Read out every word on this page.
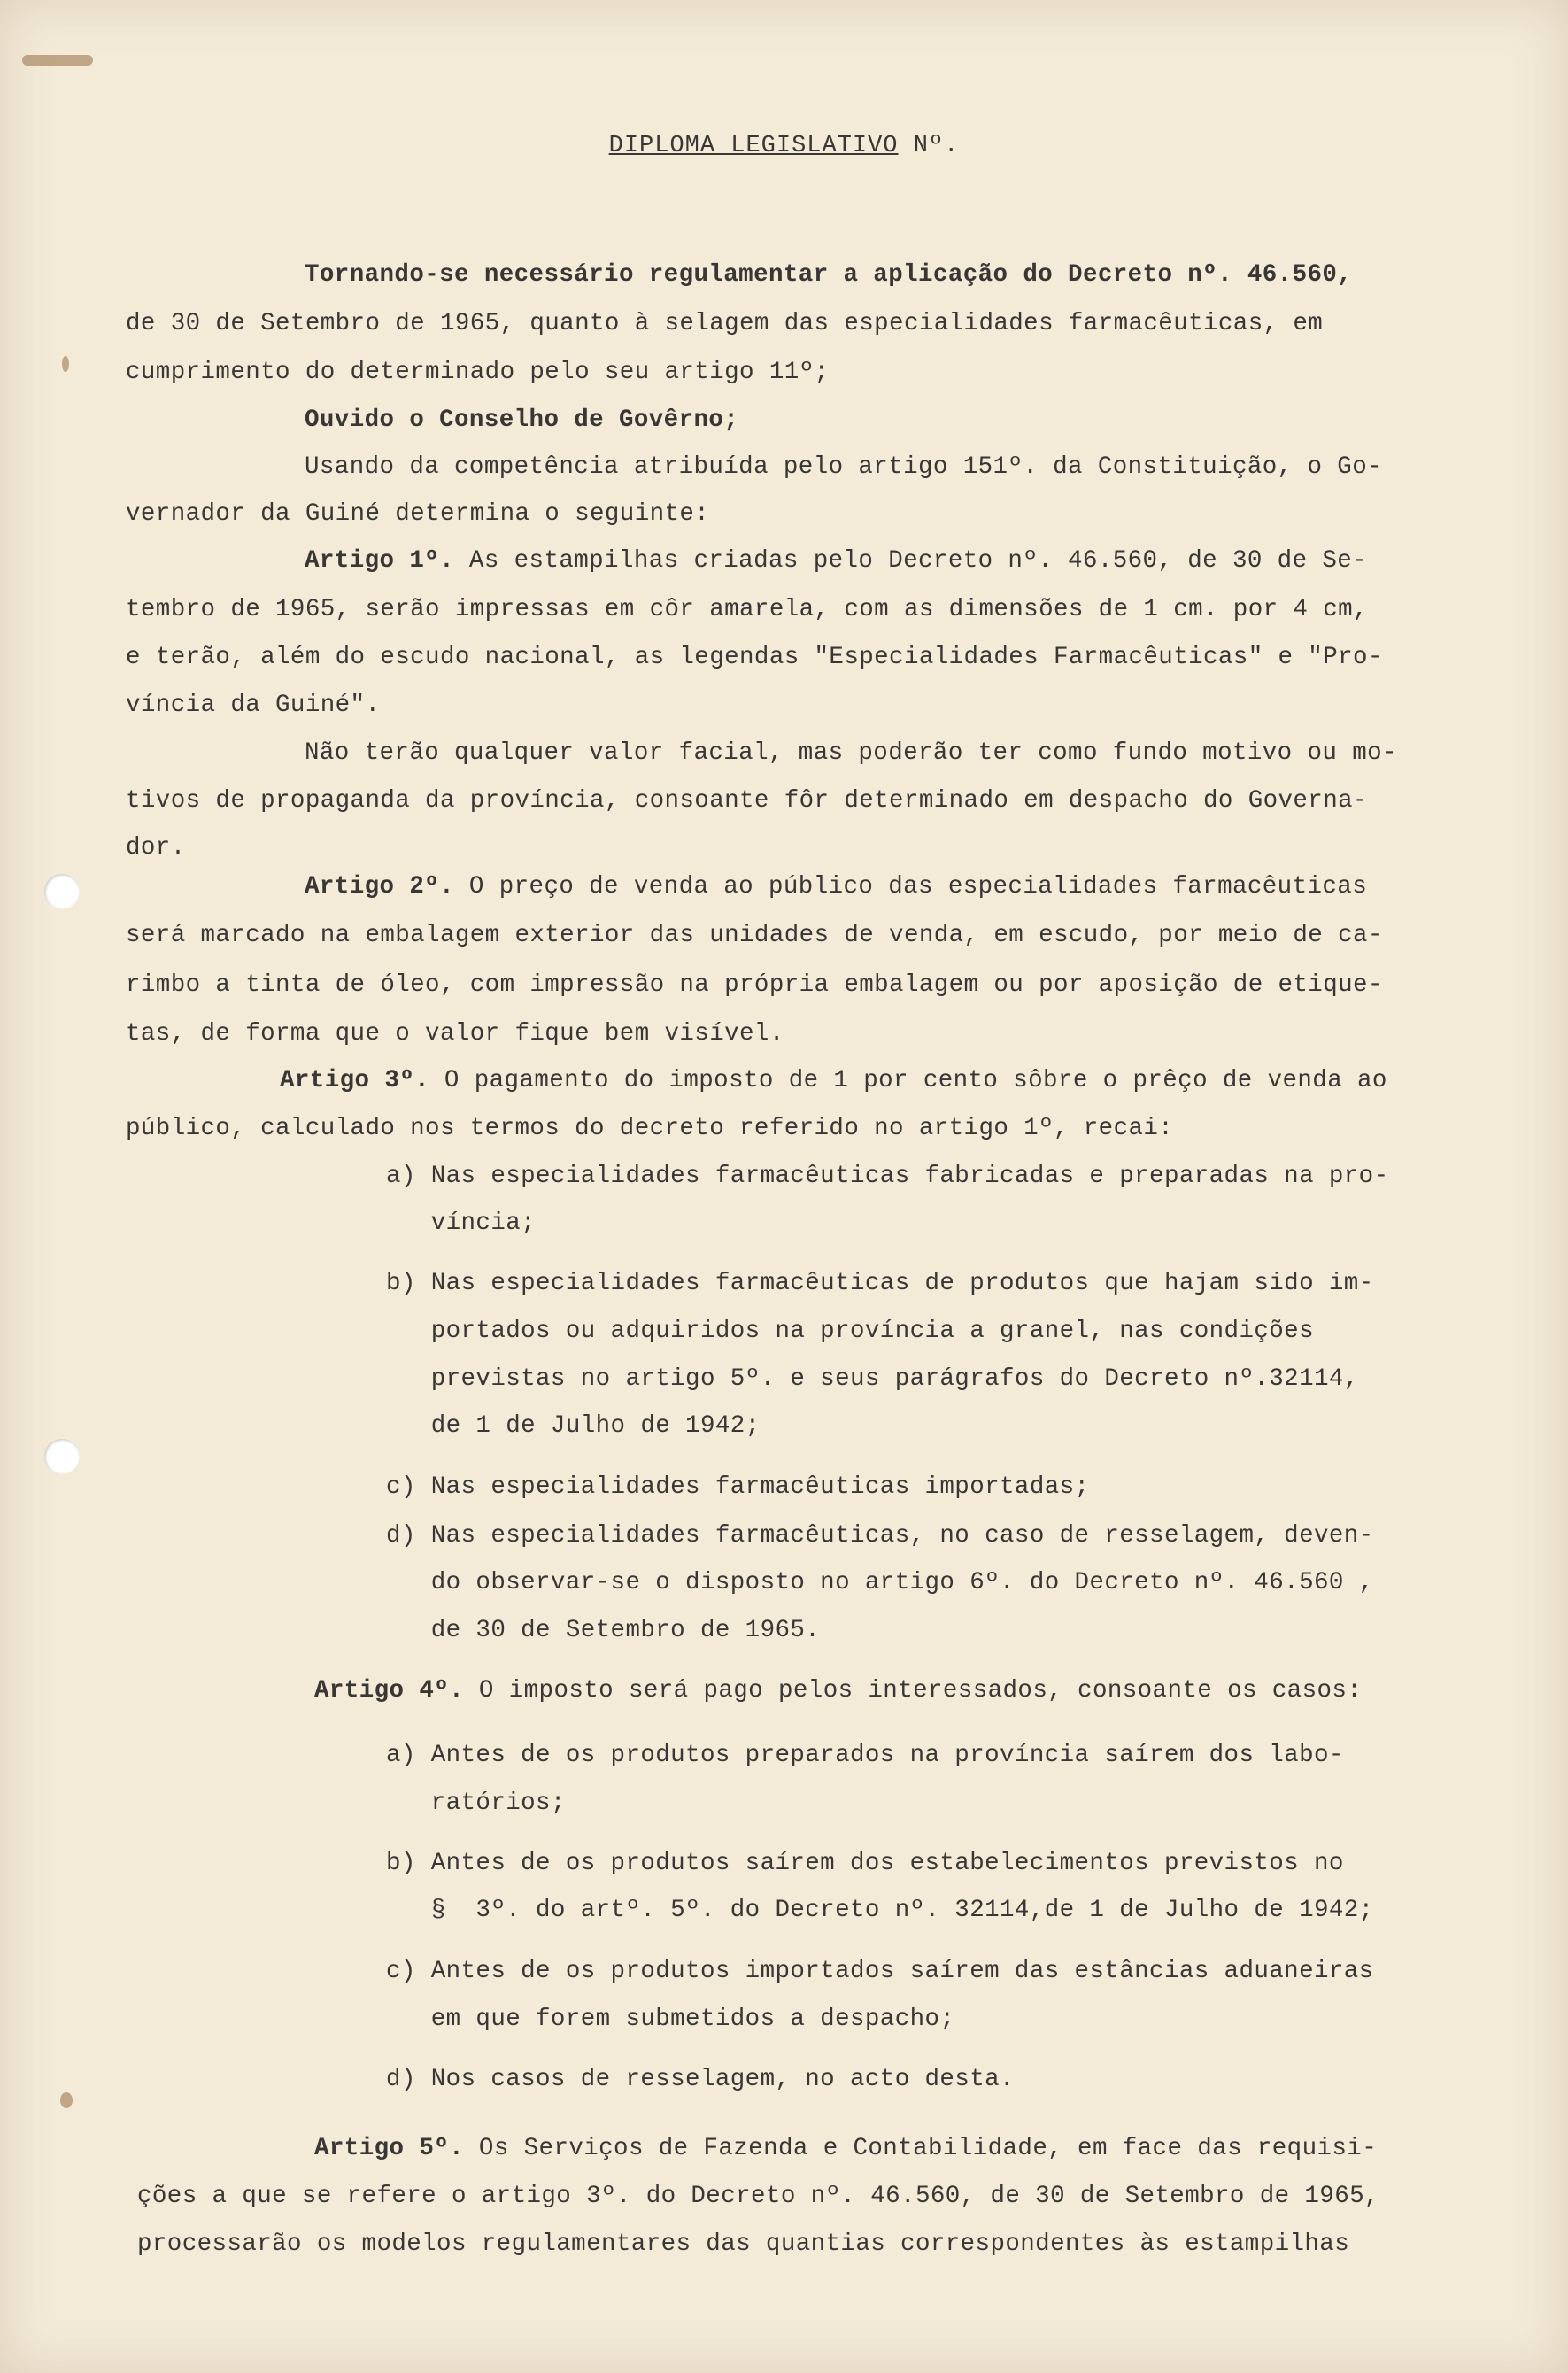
DIPLOMA LEGISLATIVO Nº.
Tornando-se necessário regulamentar a aplicação do Decreto nº. 46.560,
de 30 de Setembro de 1965, quanto à selagem das especialidades farmacêuticas, em
cumprimento do determinado pelo seu artigo 11º;
Ouvido o Conselho de Govêrno;
Usando da competência atribuída pelo artigo 151º. da Constituição, o Go-
vernador da Guiné determina o seguinte:
Artigo 1º. As estampilhas criadas pelo Decreto nº. 46.560, de 30 de Se-
tembro de 1965, serão impressas em côr amarela, com as dimensões de 1 cm. por 4 cm,
e terão, além do escudo nacional, as legendas "Especialidades Farmacêuticas" e "Pro-
víncia da Guiné".
Não terão qualquer valor facial, mas poderão ter como fundo motivo ou mo-
tivos de propaganda da província, consoante fôr determinado em despacho do Governa-
dor.
Artigo 2º. O preço de venda ao público das especialidades farmacêuticas
será marcado na embalagem exterior das unidades de venda, em escudo, por meio de ca-
rimbo a tinta de óleo, com impressão na própria embalagem ou por aposição de etique-
tas, de forma que o valor fique bem visível.
Artigo 3º. O pagamento do imposto de 1 por cento sôbre o prêço de venda ao
público, calculado nos termos do decreto referido no artigo 1º, recai:
a) Nas especialidades farmacêuticas fabricadas e preparadas na pro-
víncia;
b) Nas especialidades farmacêuticas de produtos que hajam sido im-
portados ou adquiridos na província a granel, nas condições
previstas no artigo 5º. e seus parágrafos do Decreto nº.32114,
de 1 de Julho de 1942;
c) Nas especialidades farmacêuticas importadas;
d) Nas especialidades farmacêuticas, no caso de resselagem, deven-
do observar-se o disposto no artigo 6º. do Decreto nº. 46.560 ,
de 30 de Setembro de 1965.
Artigo 4º. O imposto será pago pelos interessados, consoante os casos:
a) Antes de os produtos preparados na província saírem dos labo-
ratórios;
b) Antes de os produtos saírem dos estabelecimentos previstos no
§  3º. do artº. 5º. do Decreto nº. 32114,de 1 de Julho de 1942;
c) Antes de os produtos importados saírem das estâncias aduaneiras
em que forem submetidos a despacho;
d) Nos casos de resselagem, no acto desta.
Artigo 5º. Os Serviços de Fazenda e Contabilidade, em face das requisi-
ções a que se refere o artigo 3º. do Decreto nº. 46.560, de 30 de Setembro de 1965,
processarão os modelos regulamentares das quantias correspondentes às estampilhas
